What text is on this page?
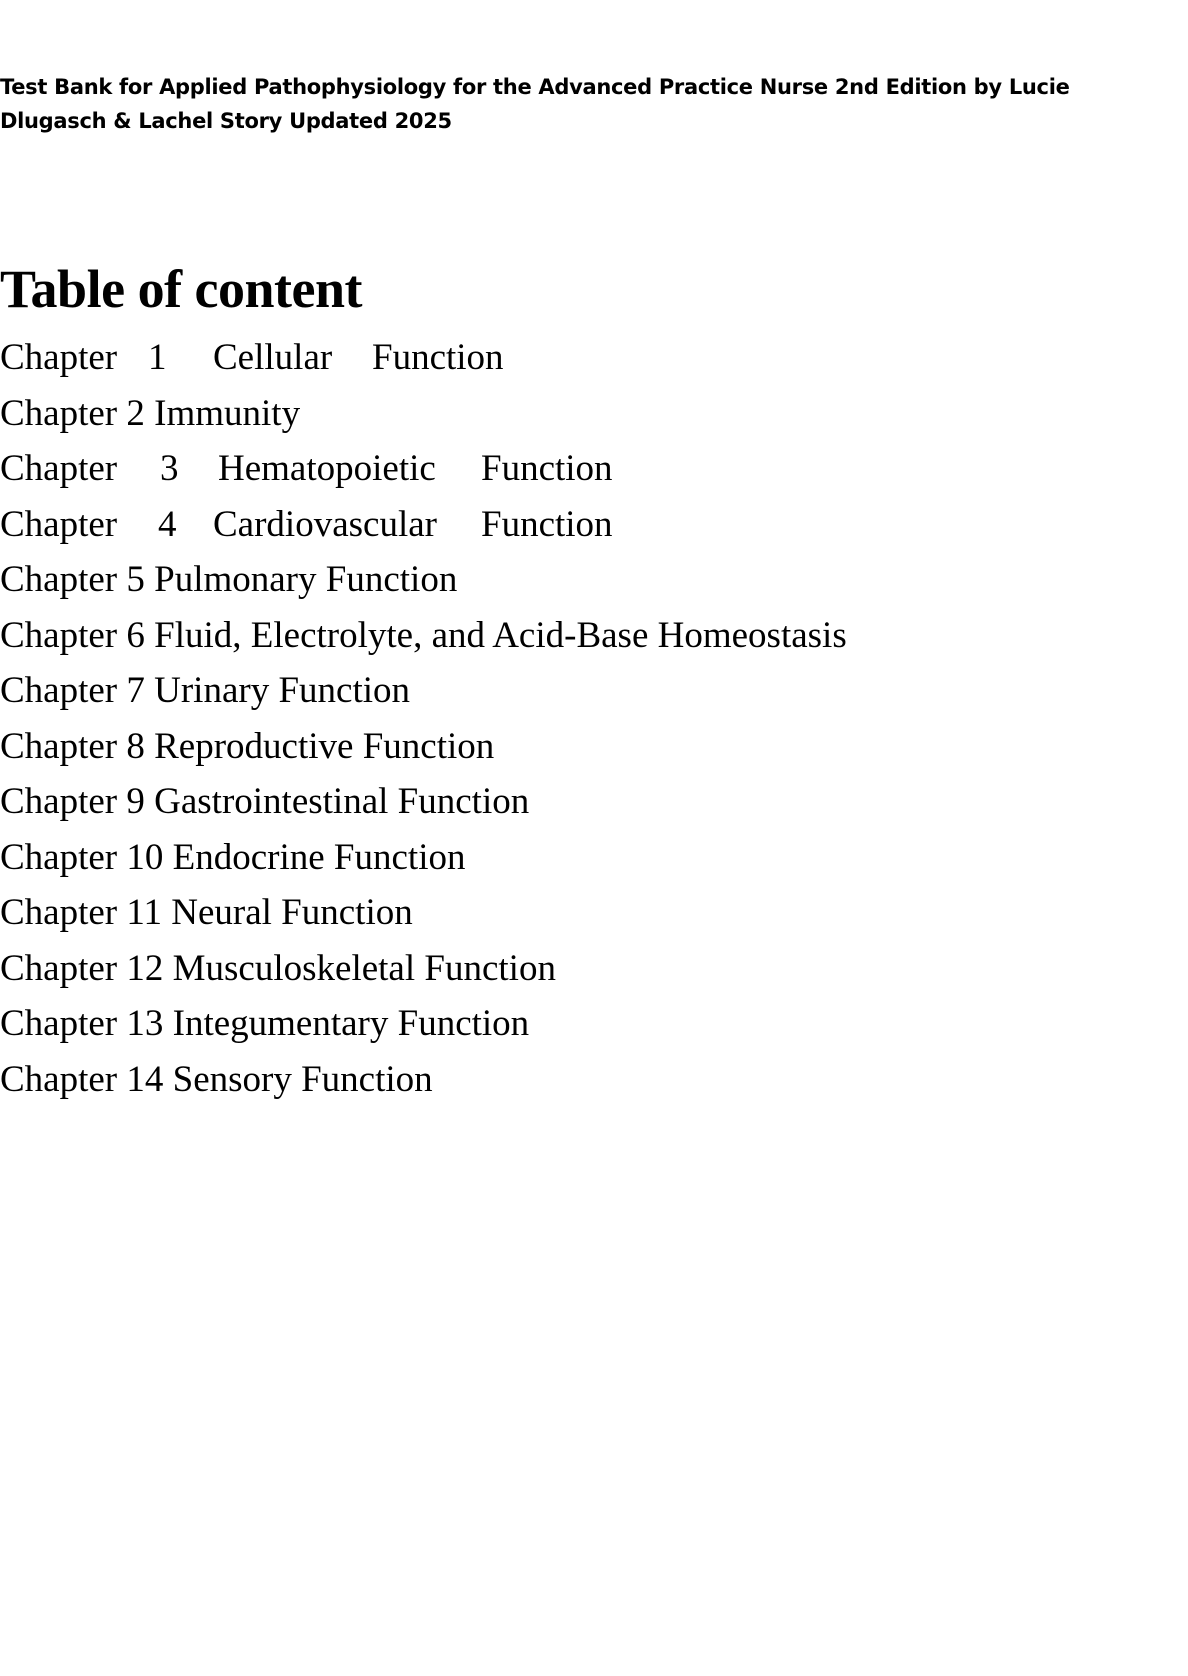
Test Bank for Applied Pathophysiology for the Advanced Practice Nurse 2nd Edition by Lucie
Dlugasch & Lachel Story Updated 2025
Table of content
Chapter 1	Cellular	Function
Chapter 2 Immunity
Chapter	3	Hematopoietic	Function
Chapter	4 Cardiovascular	Function
Chapter 5 Pulmonary Function
Chapter 6 Fluid, Electrolyte, and Acid-Base Homeostasis
Chapter 7 Urinary Function
Chapter 8 Reproductive Function
Chapter 9 Gastrointestinal Function
Chapter 10 Endocrine Function
Chapter 11 Neural Function
Chapter 12 Musculoskeletal Function
Chapter 13 Integumentary Function
Chapter 14 Sensory Function
